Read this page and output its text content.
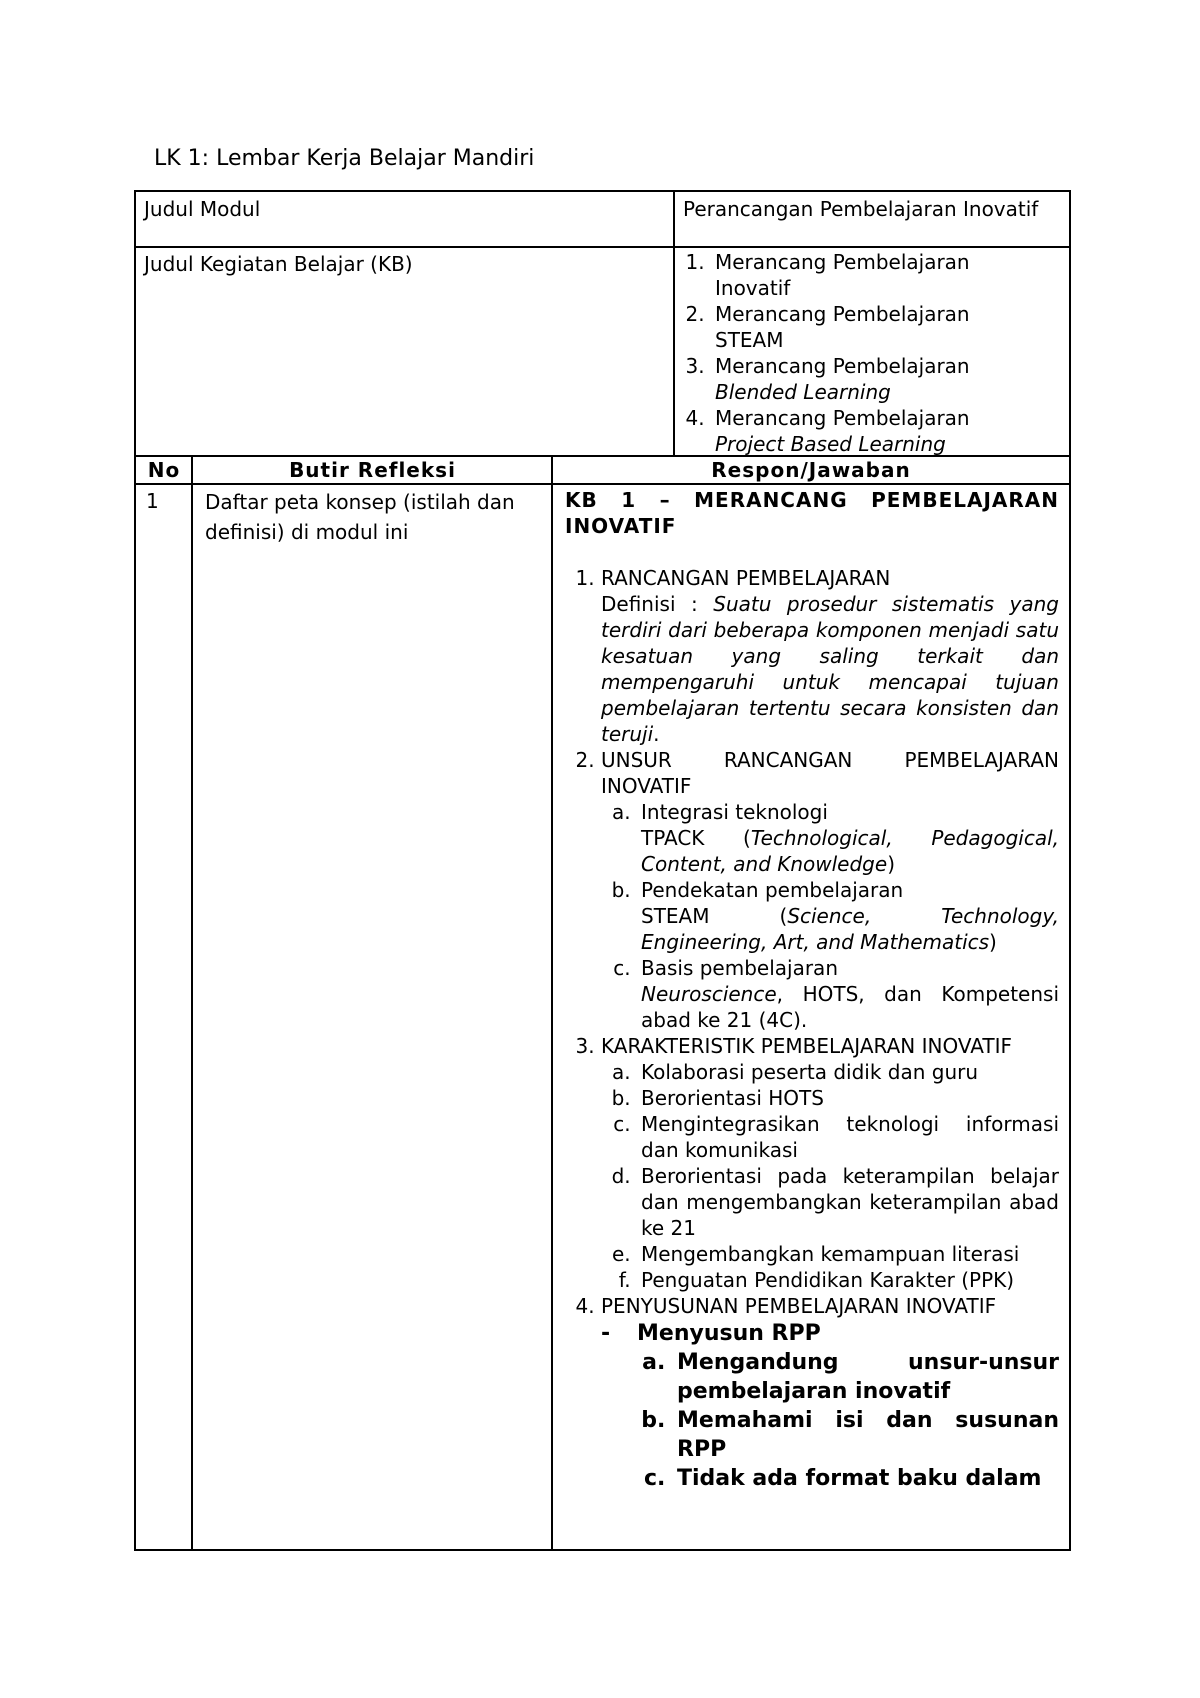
LK 1: Lembar Kerja Belajar Mandiri
Judul Modul	Perancangan Pembelajaran Inovatif
Judul Kegiatan Belajar (KB)
1.	Merancang Pembelajaran
Inovatif
2. Merancang Pembelajaran
STEAM
3. Merancang Pembelajaran
Blended Learning
4. Merancang Pembelajaran
Project Based Learning
No	Butir Refleksi	Respon/Jawaban
1	Daftar peta konsep (istilah dan definisi) di modul ini
KB 1 – MERANCANG PEMBELAJARAN INOVATIF
1. RANCANGAN PEMBELAJARAN
Definisi : Suatu prosedur sistematis yang terdiri dari beberapa komponen menjadi satu kesatuan yang saling terkait dan mempengaruhi untuk mencapai tujuan pembelajaran tertentu secara konsisten dan teruji.
2. UNSUR RANCANGAN PEMBELAJARAN INOVATIF
a. Integrasi teknologi
TPACK (Technological, Pedagogical, Content, and Knowledge)
b. Pendekatan pembelajaran
STEAM (Science, Technology, Engineering, Art, and Mathematics)
c. Basis pembelajaran
Neuroscience, HOTS, dan Kompetensi abad ke 21 (4C).
3. KARAKTERISTIK PEMBELAJARAN INOVATIF
a. Kolaborasi peserta didik dan guru
b. Berorientasi HOTS
c. Mengintegrasikan teknologi informasi dan komunikasi
d. Berorientasi pada keterampilan belajar dan mengembangkan keterampilan abad ke 21
e. Mengembangkan kemampuan literasi
f. Penguatan Pendidikan Karakter (PPK)
4. PENYUSUNAN PEMBELAJARAN INOVATIF
- Menyusun RPP
a. Mengandung unsur-unsur pembelajaran inovatif
b. Memahami isi dan susunan RPP
c. Tidak ada format baku dalam
